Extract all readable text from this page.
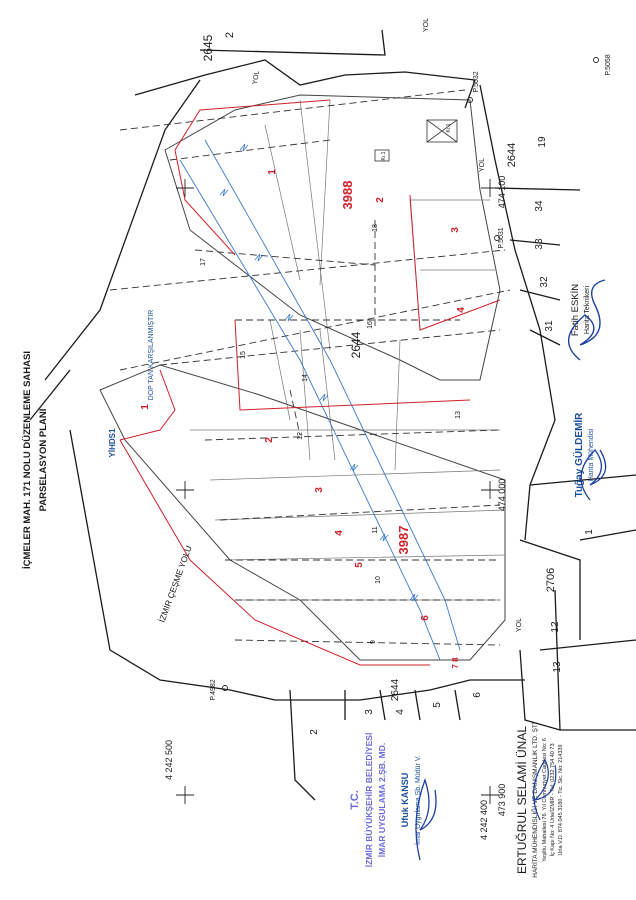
İÇMELER MAH. 171 NOLU DÜZENLEME SAHASI PARSELASYON PLANI
474 100
474 000
473 900
4 242 500
4 242 400
P.5032
P.5058
P.5031
P.4982
3988
3987
2644
2645 2
2706
2644
1
2
3
4
1
2
3
4
5
6
7 8
17
18
16
15
14
13
12
11
10
9
19
34
33
32
31
1
12
13
2
3 4
5
6
2644
İZMİR ÇEŞME YOLU
YOL
YOL
YOL
YOL
DOP TAN KARŞILANMIŞTIR
YİHDS1
Kı.1
Kı.1
T.C. İZMİR BÜYÜKŞEHİR BELEDİYESİ İMAR UYGULAMA 2.ŞB. MD. Ufuk KANSU İmar Uygulama Şb. Müdür V.	ERTUĞRUL SELAMİ ÜNAL HARİTA MÜHENDİSLİĞİ VE DANIŞMANLIK LTD. ŞTİ Yeşiltu Mahallesi 76. Yıl Cumhuriyet Caddesi No: 6 İç Kapı No: 4 Urla/İZMİR - Tel: 0232 754 40 73 Urla V.D. 874 045 3180 - Tic. Sic. No: 214339
Tuğay GÜLDEMİR Harita Mühendisi
Fatih ESKİN Harita Teknikeri
